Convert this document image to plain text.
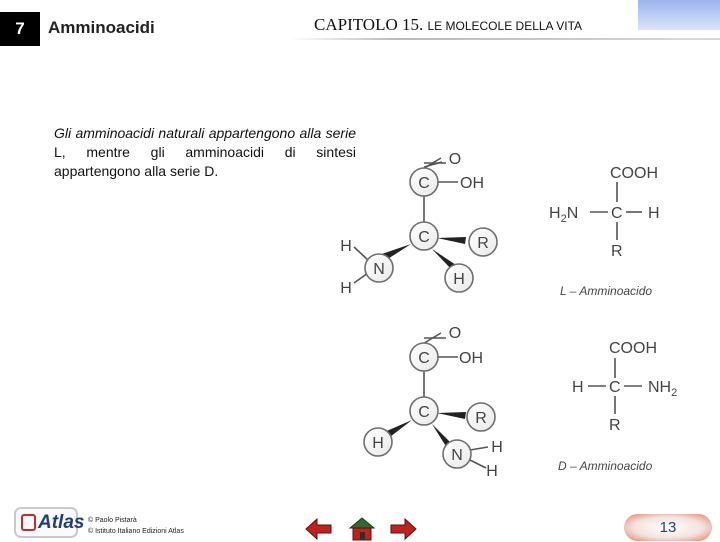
7	Amminoacidi	CAPITOLO 15. LE MOLECOLE DELLA VITA
Gli amminoacidi naturali appartengono alla serie L, mentre gli amminoacidi di sintesi appartengono alla serie D.
O
C OH
C	R
N
H
H
H
COOH
$H_2N$ C H
R
L – Amminoacido
O
C OH
C	R
H
N H
H
COOH
H C $NH_2$
R
D – Amminoacido
Atlas © Paolo Pistarà
© Istituto Italiano Edizioni Atlas	13
